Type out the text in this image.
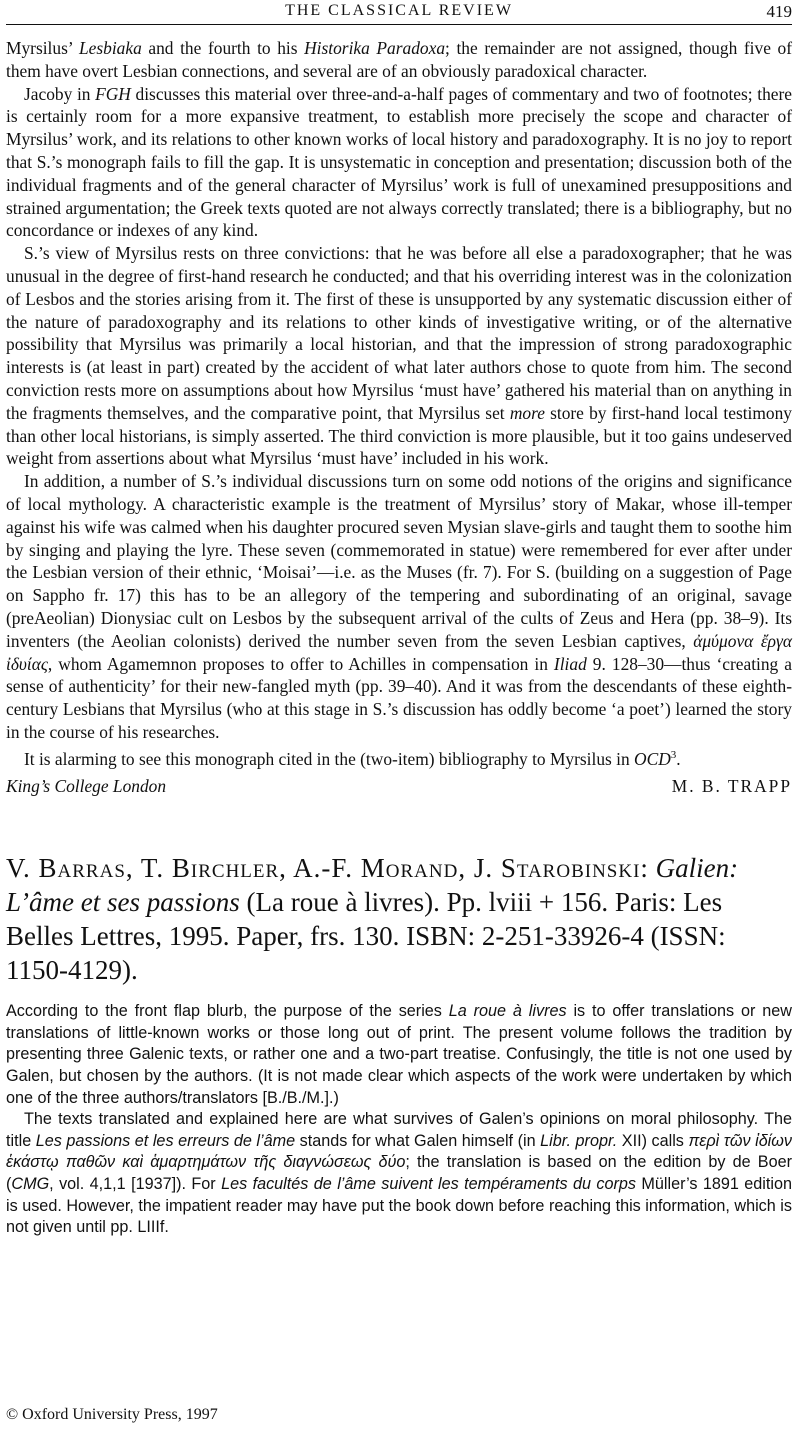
THE CLASSICAL REVIEW	419

Myrsilus’ Lesbiaka and the fourth to his Historika Paradoxa; the remainder are not assigned, though five of them have overt Lesbian connections, and several are of an obviously paradoxical character.

Jacoby in FGH discusses this material over three-and-a-half pages of commentary and two of footnotes; there is certainly room for a more expansive treatment, to establish more precisely the scope and character of Myrsilus’ work, and its relations to other known works of local history and paradoxography. It is no joy to report that S.’s monograph fails to fill the gap. It is unsystematic in conception and presentation; discussion both of the individual fragments and of the general character of Myrsilus’ work is full of unexamined presuppositions and strained argumentation; the Greek texts quoted are not always correctly translated; there is a bibliography, but no concordance or indexes of any kind.

S.’s view of Myrsilus rests on three convictions: that he was before all else a paradoxographer; that he was unusual in the degree of first-hand research he conducted; and that his overriding interest was in the colonization of Lesbos and the stories arising from it. The first of these is unsupported by any systematic discussion either of the nature of paradoxography and its relations to other kinds of investigative writing, or of the alternative possibility that Myrsilus was primarily a local historian, and that the impression of strong paradoxographic interests is (at least in part) created by the accident of what later authors chose to quote from him. The second conviction rests more on assumptions about how Myrsilus ‘must have’ gathered his material than on anything in the fragments themselves, and the comparative point, that Myrsilus set more store by first-hand local testimony than other local historians, is simply asserted. The third conviction is more plausible, but it too gains undeserved weight from assertions about what Myrsilus ‘must have’ included in his work.

In addition, a number of S.’s individual discussions turn on some odd notions of the origins and significance of local mythology. A characteristic example is the treatment of Myrsilus’ story of Makar, whose ill-temper against his wife was calmed when his daughter procured seven Mysian slave-girls and taught them to soothe him by singing and playing the lyre. These seven (commemorated in statue) were remembered for ever after under the Lesbian version of their ethnic, ‘Moisai’—i.e. as the Muses (fr. 7). For S. (building on a suggestion of Page on Sappho fr. 17) this has to be an allegory of the tempering and subordinating of an original, savage (preAeolian) Dionysiac cult on Lesbos by the subsequent arrival of the cults of Zeus and Hera (pp. 38–9). Its inventers (the Aeolian colonists) derived the number seven from the seven Lesbian captives, ἀμύμονα ἔργα ἰδυίας, whom Agamemnon proposes to offer to Achilles in compensation in Iliad 9. 128–30—thus ‘creating a sense of authenticity’ for their new-fangled myth (pp. 39–40). And it was from the descendants of these eighth-century Lesbians that Myrsilus (who at this stage in S.’s discussion has oddly become ‘a poet’) learned the story in the course of his researches.

It is alarming to see this monograph cited in the (two-item) bibliography to Myrsilus in OCD$^3$.

King’s College London	M. B. TRAPP
V. Barras, T. Birchler, A.-F. Morand, J. Starobinski: Galien: L’âme et ses passions (La roue à livres). Pp. lviii + 156. Paris: Les Belles Lettres, 1995. Paper, frs. 130. ISBN: 2-251-33926-4 (ISSN: 1150-4129).

According to the front flap blurb, the purpose of the series La roue à livres is to offer translations or new translations of little-known works or those long out of print. The present volume follows the tradition by presenting three Galenic texts, or rather one and a two-part treatise. Confusingly, the title is not one used by Galen, but chosen by the authors. (It is not made clear which aspects of the work were undertaken by which one of the three authors/translators [B./B./M.].)

The texts translated and explained here are what survives of Galen’s opinions on moral philosophy. The title Les passions et les erreurs de l’âme stands for what Galen himself (in Libr. propr. XII) calls περὶ τῶν ἰδίων ἑκάστῳ παθῶν καὶ ἁμαρτημάτων τῆς διαγνώσεως δύο; the translation is based on the edition by de Boer (CMG, vol. 4,1,1 [1937]). For Les facultés de l’âme suivent les tempéraments du corps Müller’s 1891 edition is used. However, the impatient reader may have put the book down before reaching this information, which is not given until pp. LIIIf.

© Oxford University Press, 1997
